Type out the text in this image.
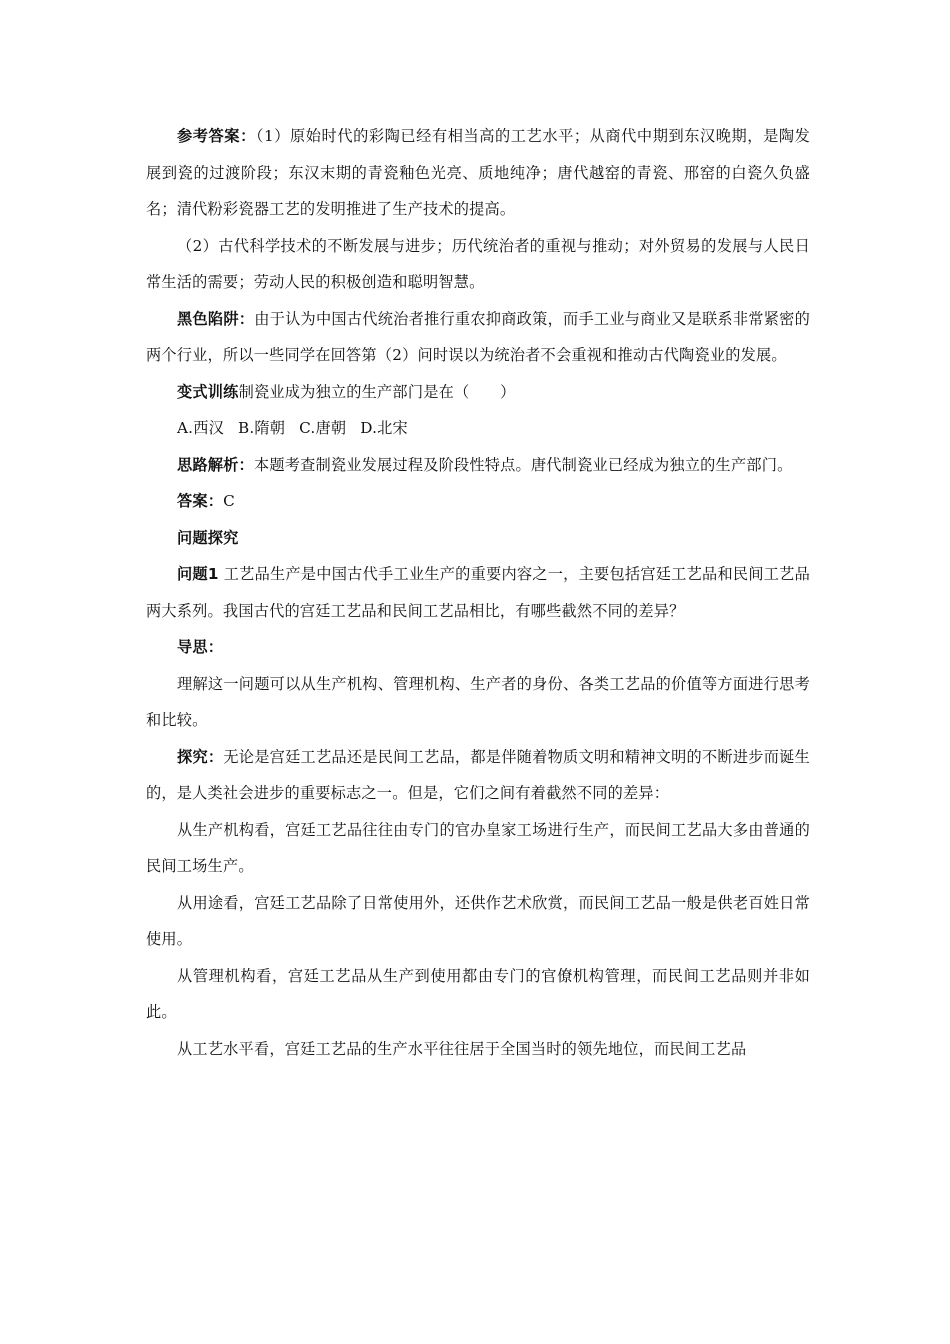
参考答案：（1）原始时代的彩陶已经有相当高的工艺水平；从商代中期到东汉晚期，是陶发展到瓷的过渡阶段；东汉末期的青瓷釉色光亮、质地纯净；唐代越窑的青瓷、邢窑的白瓷久负盛名；清代粉彩瓷器工艺的发明推进了生产技术的提高。

（2）古代科学技术的不断发展与进步；历代统治者的重视与推动；对外贸易的发展与人民日常生活的需要；劳动人民的积极创造和聪明智慧。

黑色陷阱：由于认为中国古代统治者推行重农抑商政策，而手工业与商业又是联系非常紧密的两个行业，所以一些同学在回答第（2）问时误以为统治者不会重视和推动古代陶瓷业的发展。

变式训练制瓷业成为独立的生产部门是在（　　）

A.西汉 B.隋朝 C.唐朝 D.北宋

思路解析：本题考查制瓷业发展过程及阶段性特点。唐代制瓷业已经成为独立的生产部门。

答案：C

问题探究

问题1 工艺品生产是中国古代手工业生产的重要内容之一，主要包括宫廷工艺品和民间工艺品两大系列。我国古代的宫廷工艺品和民间工艺品相比，有哪些截然不同的差异？

导思：

理解这一问题可以从生产机构、管理机构、生产者的身份、各类工艺品的价值等方面进行思考和比较。

探究：无论是宫廷工艺品还是民间工艺品，都是伴随着物质文明和精神文明的不断进步而诞生的，是人类社会进步的重要标志之一。但是，它们之间有着截然不同的差异：

从生产机构看，宫廷工艺品往往由专门的官办皇家工场进行生产，而民间工艺品大多由普通的民间工场生产。

从用途看，宫廷工艺品除了日常使用外，还供作艺术欣赏，而民间工艺品一般是供老百姓日常使用。

从管理机构看，宫廷工艺品从生产到使用都由专门的官僚机构管理，而民间工艺品则并非如此。

从工艺水平看，宫廷工艺品的生产水平往往居于全国当时的领先地位，而民间工艺品
